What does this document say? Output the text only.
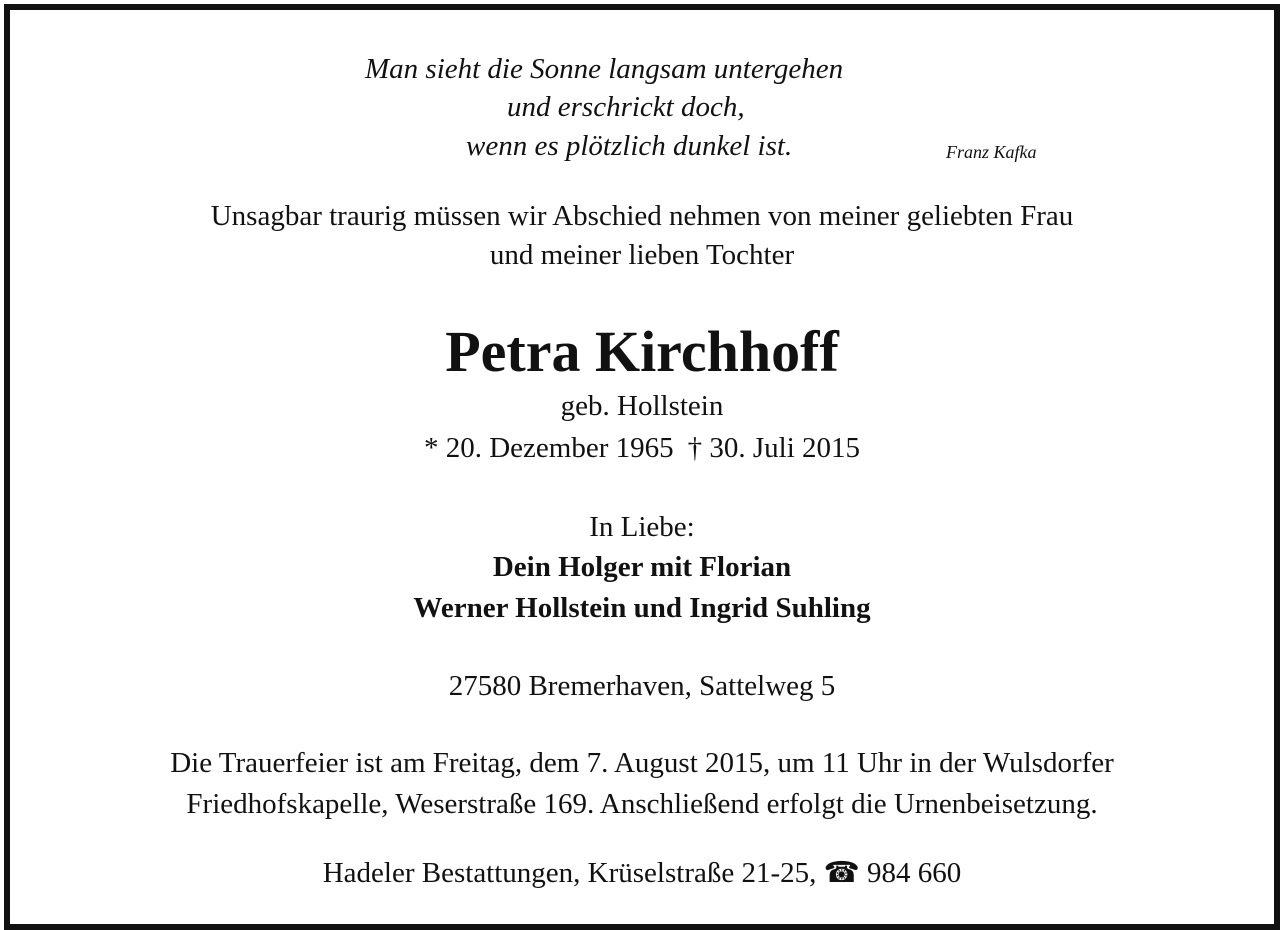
Man sieht die Sonne langsam untergehen
und erschrickt doch,
wenn es plötzlich dunkel ist.	Franz Kafka
Unsagbar traurig müssen wir Abschied nehmen von meiner geliebten Frau
und meiner lieben Tochter
Petra Kirchhoff
geb. Hollstein
* 20. Dezember 1965 † 30. Juli 2015
In Liebe:
Dein Holger mit Florian
Werner Hollstein und Ingrid Suhling
27580 Bremerhaven, Sattelweg 5
Die Trauerfeier ist am Freitag, dem 7. August 2015, um 11 Uhr in der Wulsdorfer
Friedhofskapelle, Weserstraße 169. Anschließend erfolgt die Urnenbeisetzung.
Hadeler Bestattungen, Krüselstraße 21-25, ☎ 984 660
